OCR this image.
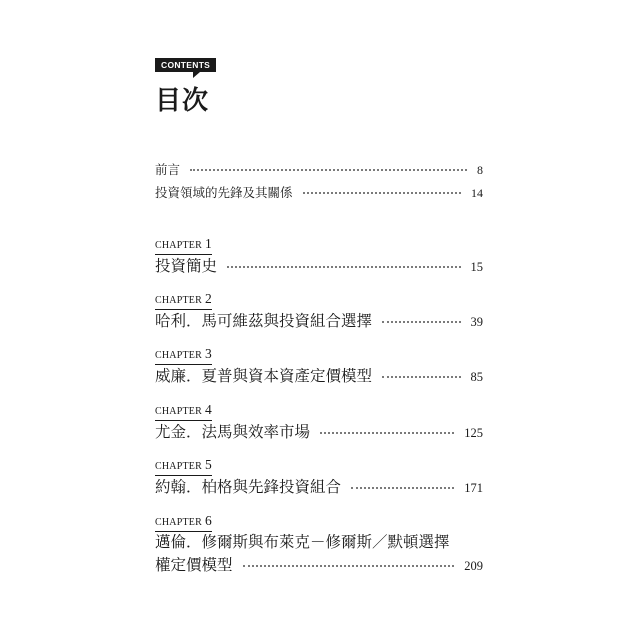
CONTENTS
目次
前言	8
投資領域的先鋒及其關係	14
CHAPTER 1
投資簡史	15
CHAPTER 2
哈利．馬可維茲與投資組合選擇	39
CHAPTER 3
威廉．夏普與資本資產定價模型	85
CHAPTER 4
尤金．法馬與效率市場	125
CHAPTER 5
約翰．柏格與先鋒投資組合	171
CHAPTER 6
邁倫．修爾斯與布萊克－修爾斯／默頓選擇
權定價模型	209
